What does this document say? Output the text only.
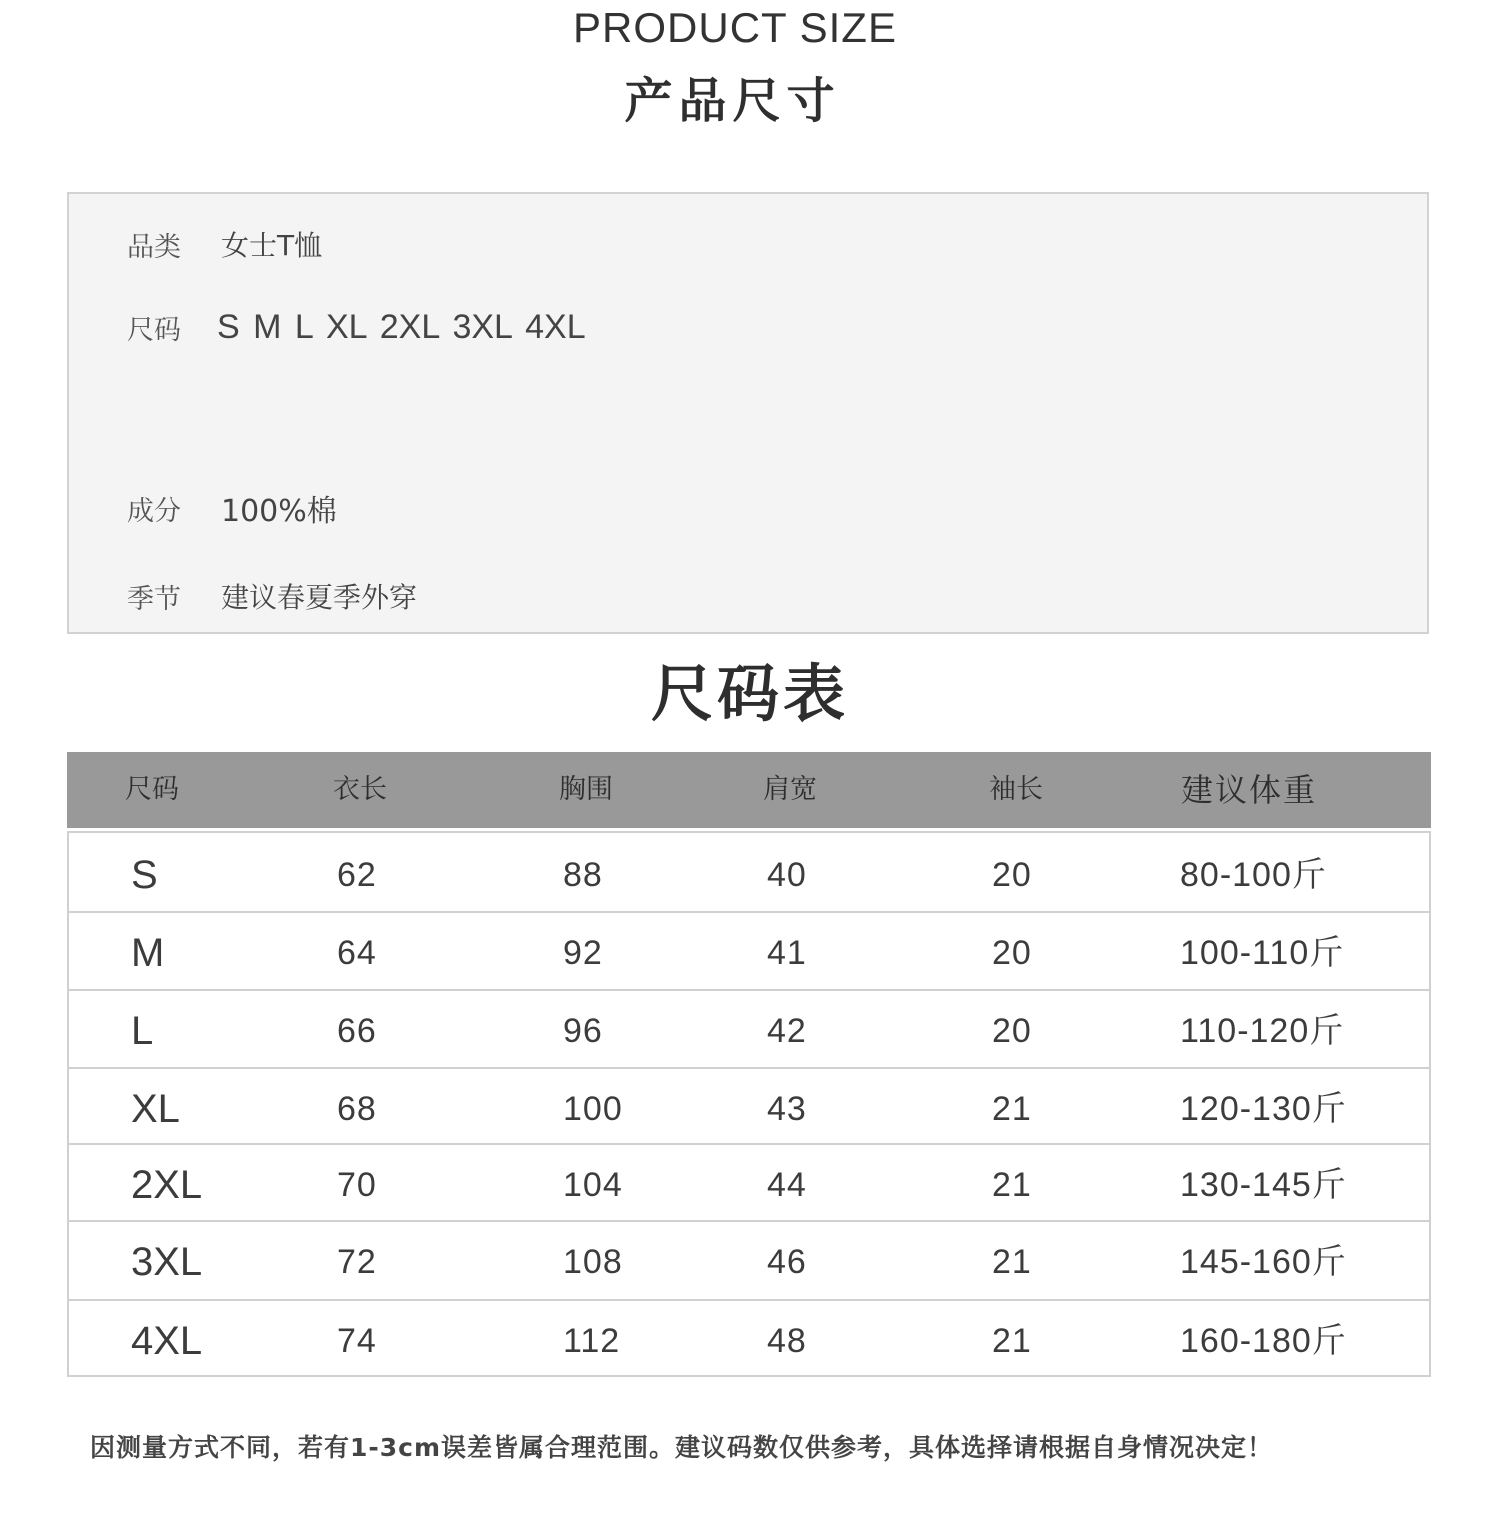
PRODUCT SIZE
产品尺寸
品类	女士T恤
尺码	S M L XL 2XL 3XL 4XL
成分	100%棉
季节	建议春夏季外穿
尺码表
尺码	衣长	胸围	肩宽	袖长	建议体重
S	62	88	40	20	80-100斤
M	64	92	41	20	100-110斤
L	66	96	42	20	110-120斤
XL	68	100	43	21	120-130斤
2XL	70	104	44	21	130-145斤
3XL	72	108	46	21	145-160斤
4XL	74	112	48	21	160-180斤
因测量方式不同，若有1-3cm误差皆属合理范围。建议码数仅供参考，具体选择请根据自身情况决定！
